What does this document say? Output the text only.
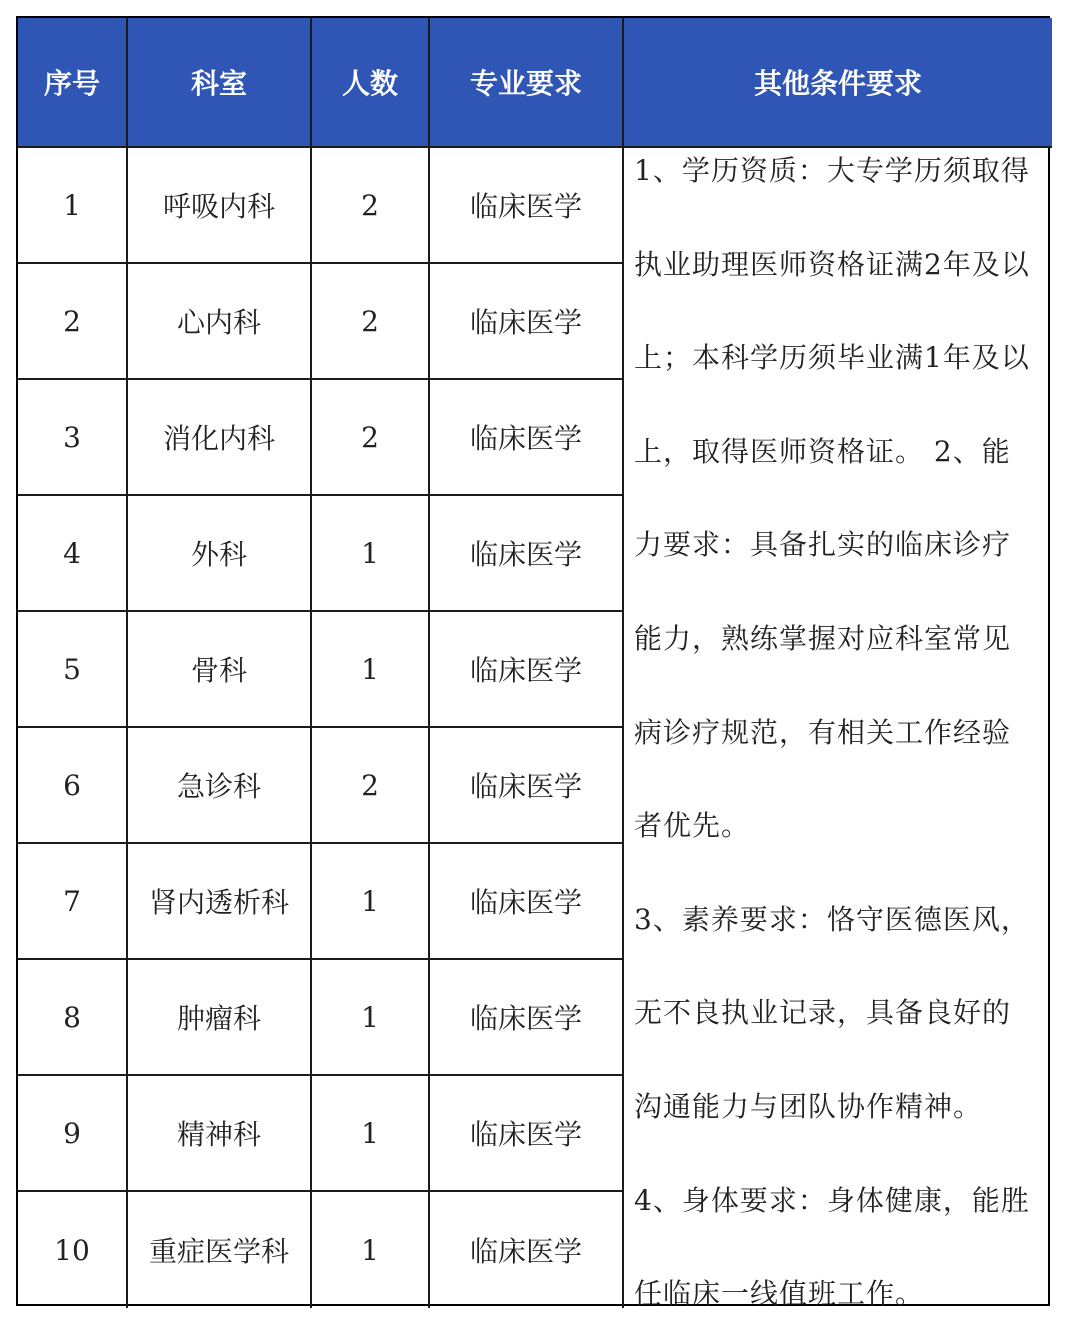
序号	科室	人数	专业要求	其他条件要求
1	呼吸内科	2	临床医学
2	心内科	2	临床医学
3	消化内科	2	临床医学
4	外科	1	临床医学
5	骨科	1	临床医学
6	急诊科	2	临床医学
7	肾内透析科	1	临床医学
8	肿瘤科	1	临床医学
9	精神科	1	临床医学
10	重症医学科	1	临床医学

1、学历资质：大专学历须取得

执业助理医师资格证满2年及以

上；本科学历须毕业满1年及以

上，取得医师资格证。 2、能

力要求：具备扎实的临床诊疗

能力，熟练掌握对应科室常见

病诊疗规范，有相关工作经验

者优先。

3、素养要求：恪守医德医风，

无不良执业记录，具备良好的

沟通能力与团队协作精神。

4、身体要求：身体健康，能胜

任临床一线值班工作。
